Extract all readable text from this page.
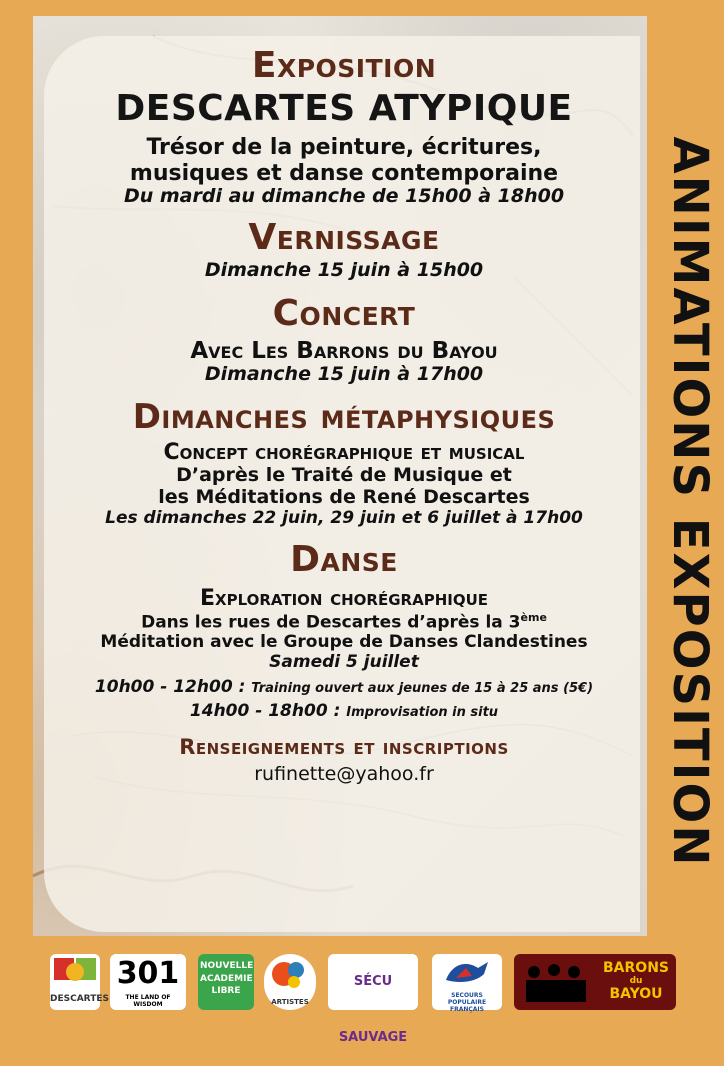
Exposition
DESCARTES ATYPIQUE
Trésor de la peinture, écritures,
musiques et danse contemporaine
Du mardi au dimanche de 15h00 à 18h00
Vernissage
Dimanche 15 juin à 15h00
Concert
Avec Les Barrons du Bayou
Dimanche 15 juin à 17h00
Dimanches métaphysiques
Concept chorégraphique et musical
D’après le Traité de Musique et
les Méditations de René Descartes
Les dimanches 22 juin, 29 juin et 6 juillet à 17h00
Danse
Exploration chorégraphique
Dans les rues de Descartes d’après la 3ème
Méditation avec le Groupe de Danses Clandestines
Samedi 5 juillet
10h00 - 12h00 : Training ouvert aux jeunes de 15 à 25 ans (5€)
14h00 - 18h00 : Improvisation in situ
Renseignements et inscriptions
rufinette@yahoo.fr	ANIMATIONS EXPOSITION
DESCARTES
301
THE LAND OF WISDOM
NOUVELLE ACADEMIE LIBRE
ARTISTES
SÉCU SAUVAGE
SECOURS POPULAIRE FRANÇAIS
BARONS
du
BAYOU
